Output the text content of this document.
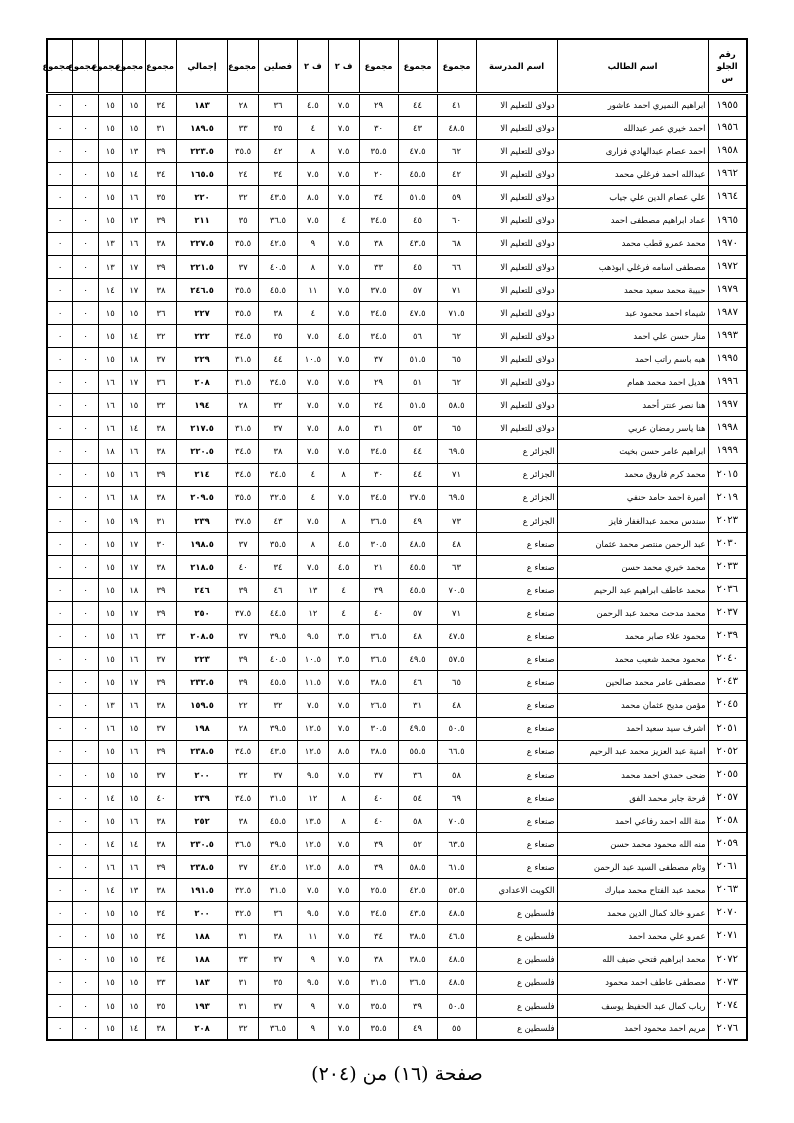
رقم الجلو س	اسم الطالب	اسم المدرسة	مجموع	مجموع	مجموع	ف ٢	ف ٢	فصلين	مجموع	إجمالي	مجموع	مجموع	مجموع	مجموع	مجموع
١٩٥٥	ابراهيم النميري احمد عاشور	دولاى للتعليم الا	٤١	٤٤	٢٩	٧.٥	٤.٥	٣٦	٢٨	١٨٣	٣٤	١٥	١٥	٠	٠
١٩٥٦	احمد خيري عمر عبدالله	دولاى للتعليم الا	٤٨.٥	٤٣	٣٠	٧.٥	٤	٣٥	٣٣	١٨٩.٥	٣١	١٥	١٥	٠	٠
١٩٥٨	احمد عصام عبدالهادي فزارى	دولاى للتعليم الا	٦٢	٤٧.٥	٣٥.٥	٧.٥	٨	٤٢	٣٥.٥	٢٢٣.٥	٣٩	١٣	١٥	٠	٠
١٩٦٢	عبدالله احمد فرغلي محمد	دولاى للتعليم الا	٤٢	٤٥.٥	٢٠	٧.٥	٧.٥	٣٤	٢٤	١٦٥.٥	٣٤	١٤	١٥	٠	٠
١٩٦٤	علي عصام الدين علي جياب	دولاى للتعليم الا	٥٩	٥١.٥	٣٤	٧.٥	٨.٥	٤٣.٥	٣٢	٢٢٠	٣٥	١٦	١٥	٠	٠
١٩٦٥	عماد ابراهيم مصطفى احمد	دولاى للتعليم الا	٦٠	٤٥	٣٤.٥	٤	٧.٥	٣٦.٥	٣٥	٢١١	٣٩	١٣	١٥	٠	٠
١٩٧٠	محمد عمرو قطب محمد	دولاى للتعليم الا	٦٨	٤٣.٥	٣٨	٧.٥	٩	٤٢.٥	٣٥.٥	٢٢٧.٥	٣٨	١٦	١٣	٠	٠
١٩٧٢	مصطفى اسامه فرغلي ابوذهب	دولاى للتعليم الا	٦٦	٤٥	٣٣	٧.٥	٨	٤٠.٥	٣٧	٢٢١.٥	٣٩	١٧	١٣	٠	٠
١٩٧٩	حبيبة محمد سعيد محمد	دولاى للتعليم الا	٧١	٥٧	٣٧.٥	٧.٥	١١	٤٥.٥	٣٥.٥	٢٤٦.٥	٣٨	١٧	١٤	٠	٠
١٩٨٧	شيماء احمد محمود عبد	دولاى للتعليم الا	٧١.٥	٤٧.٥	٣٤.٥	٧.٥	٤	٣٨	٣٥.٥	٢٢٧	٣٦	١٥	١٥	٠	٠
١٩٩٣	منار حسن علي احمد	دولاى للتعليم الا	٦٢	٥٦	٣٤.٥	٤.٥	٧.٥	٣٥	٣٤.٥	٢٢٢	٣٢	١٤	١٥	٠	٠
١٩٩٥	هبه باسم راتب احمد	دولاى للتعليم الا	٦٥	٥١.٥	٣٧	٧.٥	١٠.٥	٤٤	٣١.٥	٢٢٩	٣٧	١٨	١٥	٠	٠
١٩٩٦	هديل احمد محمد همام	دولاى للتعليم الا	٦٢	٥١	٢٩	٧.٥	٧.٥	٣٤.٥	٣١.٥	٢٠٨	٣٦	١٧	١٦	٠	٠
١٩٩٧	هنا نصر عنتر أحمد	دولاى للتعليم الا	٥٨.٥	٥١.٥	٢٤	٧.٥	٧.٥	٣٢	٢٨	١٩٤	٣٢	١٥	١٦	٠	٠
١٩٩٨	هنا ياسر رمضان عربي	دولاى للتعليم الا	٦٥	٥٣	٣١	٨.٥	٧.٥	٣٧	٣١.٥	٢١٧.٥	٣٨	١٤	١٦	٠	٠
١٩٩٩	ابراهيم عامر حسن بخيت	الجزائر ع	٦٩.٥	٤٤	٣٤.٥	٧.٥	٧.٥	٣٨	٣٤.٥	٢٢٠.٥	٣٨	١٦	١٨	٠	٠
٢٠١٥	محمد كرم فاروق محمد	الجزائر ع	٧١	٤٤	٣٠	٨	٤	٣٤.٥	٣٤.٥	٢١٤	٣٩	١٦	١٥	٠	٠
٢٠١٩	اميرة احمد حامد حنفي	الجزائر ع	٦٩.٥	٣٧.٥	٣٤.٥	٧.٥	٤	٣٢.٥	٣٥.٥	٢٠٩.٥	٣٨	١٨	١٦	٠	٠
٢٠٢٣	سندس محمد عبدالغفار فايز	الجزائر ع	٧٣	٤٩	٣٦.٥	٨	٧.٥	٤٣	٣٧.٥	٢٣٩	٣١	١٩	١٥	٠	٠
٢٠٣٠	عبد الرحمن منتصر محمد عثمان	صنعاء ع	٤٨	٤٨.٥	٣٠.٥	٤.٥	٨	٣٥.٥	٣٧	١٩٨.٥	٣٠	١٧	١٥	٠	٠
٢٠٣٣	محمد خيري محمد حسن	صنعاء ع	٦٣	٤٥.٥	٢١	٤.٥	٧.٥	٣٤	٤٠	٢١٨.٥	٣٨	١٧	١٥	٠	٠
٢٠٣٦	محمد عاطف ابراهيم عبد الرحيم	صنعاء ع	٧٠.٥	٤٥.٥	٣٩	٤	١٣	٤٦	٣٩	٢٤٦	٣٩	١٨	١٥	٠	٠
٢٠٣٧	محمد مدحت محمد عبد الرحمن	صنعاء ع	٧١	٥٧	٤٠	٤	١٢	٤٤.٥	٣٧.٥	٢٥٠	٣٩	١٧	١٥	٠	٠
٢٠٣٩	محمود علاء صابر محمد	صنعاء ع	٤٧.٥	٤٨	٣٦.٥	٣.٥	٩.٥	٣٩.٥	٣٧	٢٠٨.٥	٣٣	١٦	١٥	٠	٠
٢٠٤٠	محمود محمد شعيب محمد	صنعاء ع	٥٧.٥	٤٩.٥	٣٦.٥	٣.٥	١٠.٥	٤٠.٥	٣٩	٢٢٣	٣٧	١٦	١٥	٠	٠
٢٠٤٣	مصطفى عامر محمد صالحين	صنعاء ع	٦٥	٤٦	٣٨.٥	٧.٥	١١.٥	٤٥.٥	٣٩	٢٣٢.٥	٣٩	١٧	١٥	٠	٠
٢٠٤٥	مؤمن مديح عثمان محمد	صنعاء ع	٤٨	٣١	٢٦.٥	٧.٥	٧.٥	٣٢	٢٢	١٥٩.٥	٣٨	١٦	١٣	٠	٠
٢٠٥١	اشرف سيد سعيد احمد	صنعاء ع	٥٠.٥	٤٩.٥	٣٠.٥	٧.٥	١٢.٥	٣٩.٥	٢٨	١٩٨	٣٧	١٥	١٦	٠	٠
٢٠٥٢	امنية عبد العزيز محمد عبد الرحيم	صنعاء ع	٦٦.٥	٥٥.٥	٣٨.٥	٨.٥	١٢.٥	٤٣.٥	٣٤.٥	٢٣٨.٥	٣٩	١٦	١٥	٠	٠
٢٠٥٥	ضحى حمدي احمد محمد	صنعاء ع	٥٨	٣٦	٣٧	٧.٥	٩.٥	٣٧	٣٢	٢٠٠	٣٧	١٥	١٥	٠	٠
٢٠٥٧	فرحة جابر محمد الفق	صنعاء ع	٦٩	٥٤	٤٠	٨	١٢	٣١.٥	٣٤.٥	٢٣٩	٤٠	١٥	١٤	٠	٠
٢٠٥٨	منة الله احمد رفاعي احمد	صنعاء ع	٧٠.٥	٥٨	٤٠	٨	١٣.٥	٤٥.٥	٣٨	٢٥٢	٣٨	١٦	١٥	٠	٠
٢٠٥٩	منه الله محمود محمد حسن	صنعاء ع	٦٣.٥	٥٢	٣٩	٧.٥	١٢.٥	٣٩.٥	٣٦.٥	٢٣٠.٥	٣٨	١٤	١٤	٠	٠
٢٠٦١	وئام مصطفى السيد عبد الرحمن	صنعاء ع	٦١.٥	٥٨.٥	٣٩	٨.٥	١٢.٥	٤٢.٥	٣٧	٢٣٨.٥	٣٩	١٦	١٦	٠	٠
٢٠٦٣	محمد عبد الفتاح محمد مبارك	الكويت الاعدادي	٥٢.٥	٤٢.٥	٢٥.٥	٧.٥	٧.٥	٣١.٥	٣٢.٥	١٩١.٥	٣٨	١٣	١٤	٠	٠
٢٠٧٠	عمرو خالد كمال الدين محمد	فلسطين ع	٤٨.٥	٤٣.٥	٣٤.٥	٧.٥	٩.٥	٣٦	٣٢.٥	٢٠٠	٣٤	١٥	١٥	٠	٠
٢٠٧١	عمرو علي محمد احمد	فلسطين ع	٤٦.٥	٣٨.٥	٣٤	٧.٥	١١	٣٨	٣١	١٨٨	٣٤	١٥	١٥	٠	٠
٢٠٧٢	محمد ابراهيم فتحي ضيف الله	فلسطين ع	٤٨.٥	٣٨.٥	٣٨	٧.٥	٩	٣٧	٣٣	١٨٨	٣٤	١٥	١٥	٠	٠
٢٠٧٣	مصطفى عاطف احمد محمود	فلسطين ع	٤٨.٥	٣٦.٥	٣١.٥	٧.٥	٩.٥	٣٥	٣١	١٨٣	٣٣	١٥	١٥	٠	٠
٢٠٧٤	رباب كمال عبد الحفيظ يوسف	فلسطين ع	٥٠.٥	٣٩	٣٥.٥	٧.٥	٩	٣٧	٣١	١٩٣	٣٥	١٥	١٥	٠	٠
٢٠٧٦	مريم احمد محمود احمد	فلسطين ع	٥٥	٤٩	٣٥.٥	٧.٥	٩	٣٦.٥	٣٢	٢٠٨	٣٨	١٤	١٥	٠	٠
صفحة (١٦) من (٢٠٤)
